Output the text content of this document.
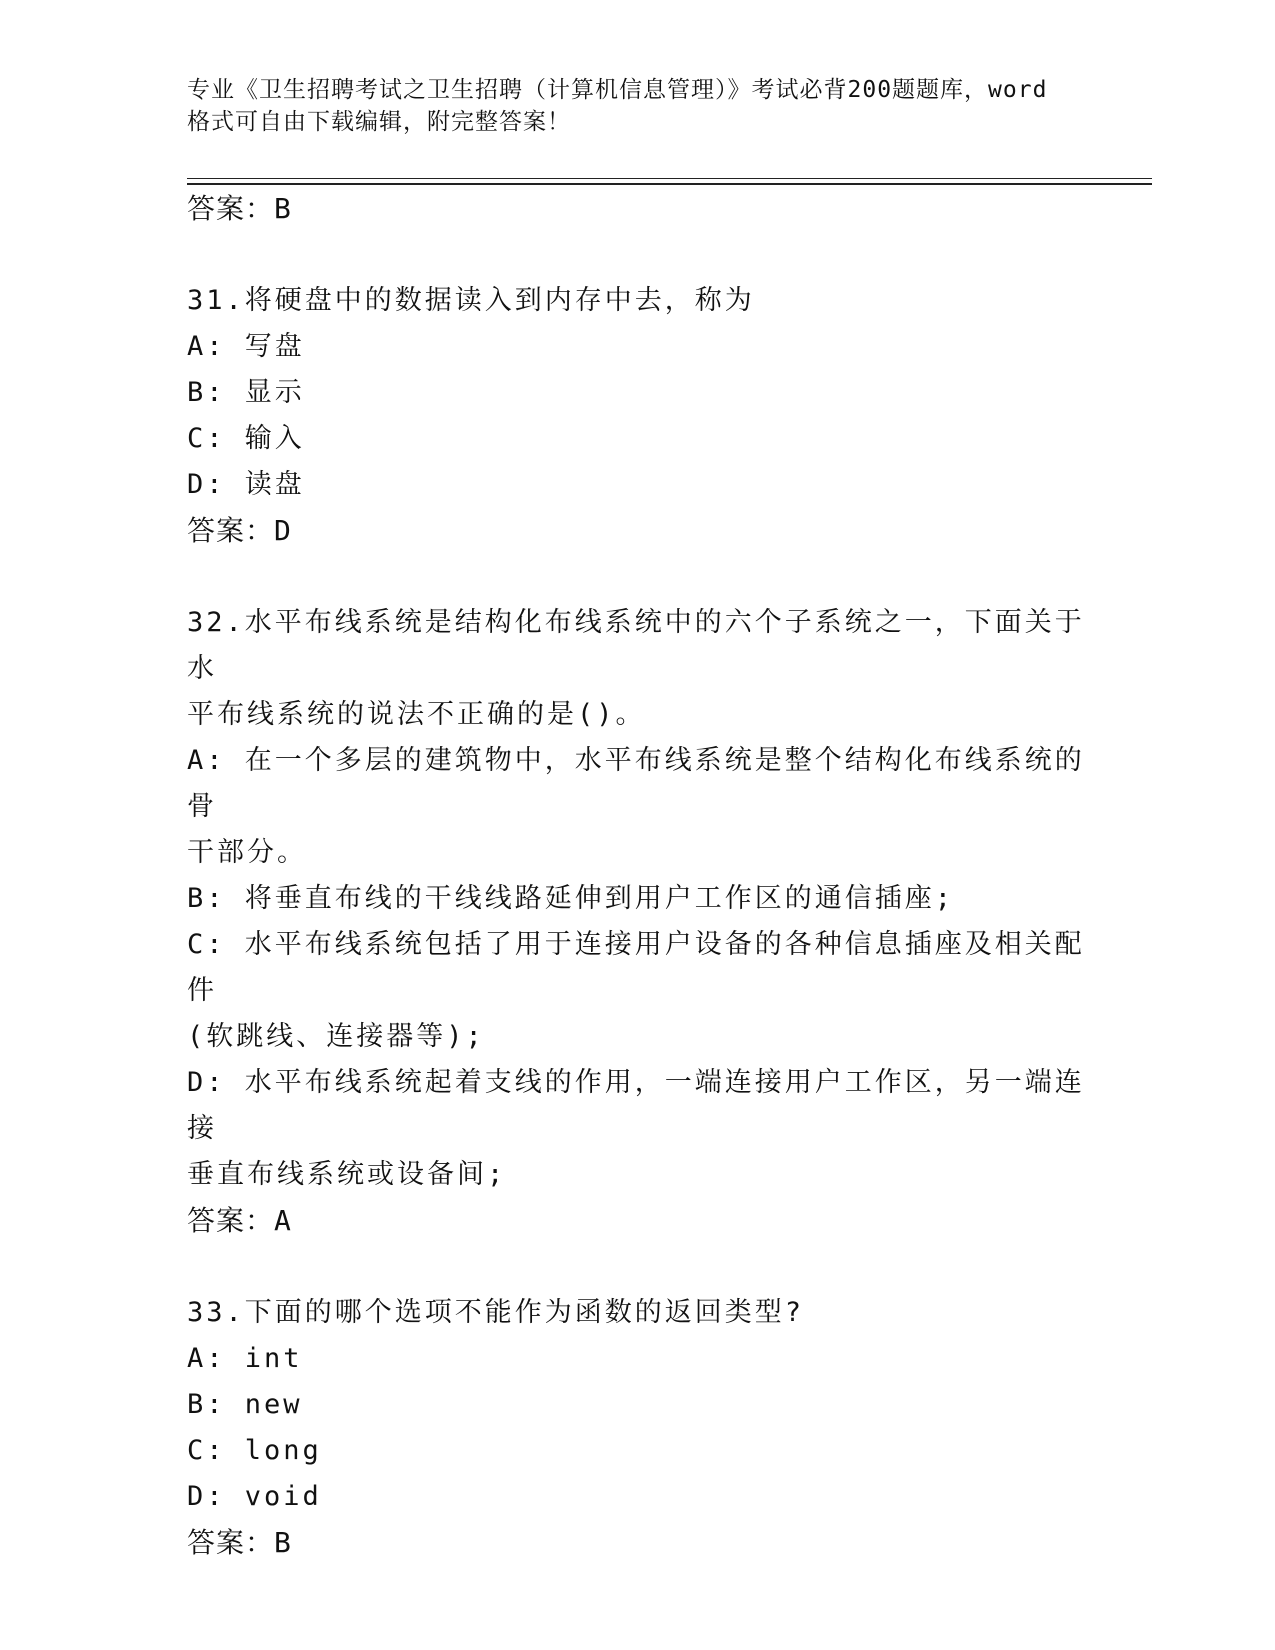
专业《卫生招聘考试之卫生招聘（计算机信息管理）》考试必背200题题库，word
格式可自由下载编辑，附完整答案！

答案：B

31.将硬盘中的数据读入到内存中去，称为

A: 写盘

B: 显示

C: 输入

D: 读盘

答案：D

32.水平布线系统是结构化布线系统中的六个子系统之一，下面关于水

平布线系统的说法不正确的是()。

A: 在一个多层的建筑物中，水平布线系统是整个结构化布线系统的骨

干部分。

B: 将垂直布线的干线线路延伸到用户工作区的通信插座;

C: 水平布线系统包括了用于连接用户设备的各种信息插座及相关配件

(软跳线、连接器等);

D: 水平布线系统起着支线的作用，一端连接用户工作区，另一端连接

垂直布线系统或设备间;

答案：A

33.下面的哪个选项不能作为函数的返回类型?

A: int

B: new

C: long

D: void

答案：B
